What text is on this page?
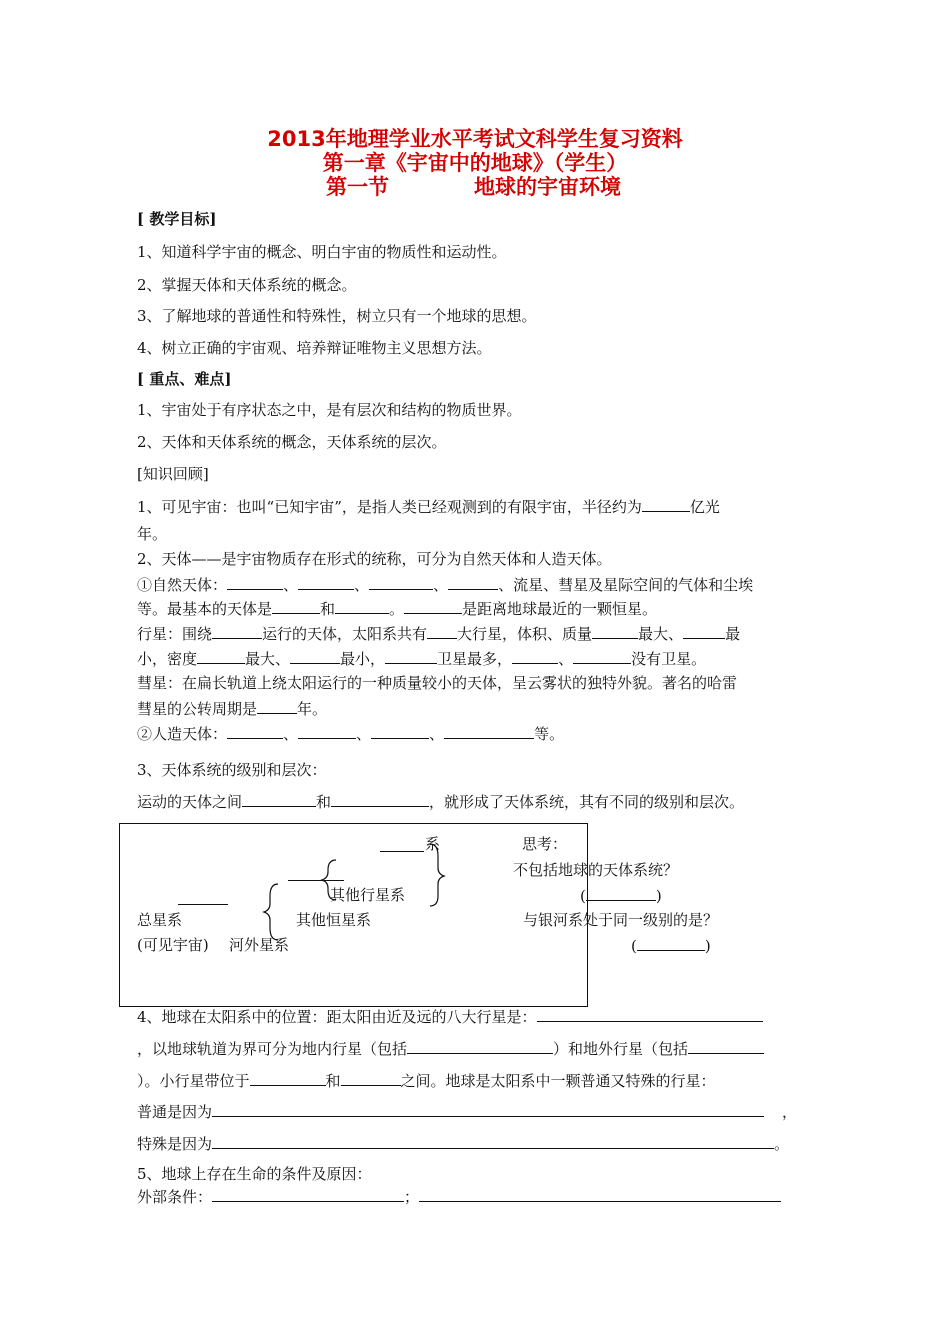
2013年地理学业水平考试文科学生复习资料
第一章《宇宙中的地球》（学生）
第一节	地球的宇宙环境
[ 教学目标]
1、知道科学宇宙的概念、明白宇宙的物质性和运动性。
2、掌握天体和天体系统的概念。
3、了解地球的普通性和特殊性，树立只有一个地球的思想。
4、树立正确的宇宙观、培养辩证唯物主义思想方法。
[ 重点、难点]
1、宇宙处于有序状态之中，是有层次和结构的物质世界。
2、天体和天体系统的概念，天体系统的层次。
[知识回顾]
1、可见宇宙：也叫“已知宇宙”，是指人类已经观测到的有限宇宙，半径约为	亿光
年。
2、天体——是宇宙物质存在形式的统称，可分为自然天体和人造天体。
①自然天体：	、	、	、	、流星、彗星及星际空间的气体和尘埃
等。最基本的天体是	和	。	是距离地球最近的一颗恒星。
行星：围绕	运行的天体，太阳系共有 大行星，体积、质量	最大、	最
小，密度	最大、	最小，	卫星最多，	、	没有卫星。
彗星：在扁长轨道上绕太阳运行的一种质量较小的天体，呈云雾状的独特外貌。著名的哈雷
彗星的公转周期是	年。
②人造天体：	、	、	、	等。
3、天体系统的级别和层次：
运动的天体之间	和	，就形成了天体系统，其有不同的级别和层次。
系
其他行星系
总星系	其他恒星系
(可见宇宙) 河外星系
思考：
不包括地球的天体系统？
(	)
与银河系处于同一级别的是？
(	)
4、地球在太阳系中的位置：距太阳由近及远的八大行星是：
，以地球轨道为界可分为地内行星（包括	）和地外行星（包括
）。小行星带位于	和	之间。地球是太阳系中一颗普通又特殊的行星：
普通是因为	，
特殊是因为	。
5、地球上存在生命的条件及原因：
外部条件：	；
